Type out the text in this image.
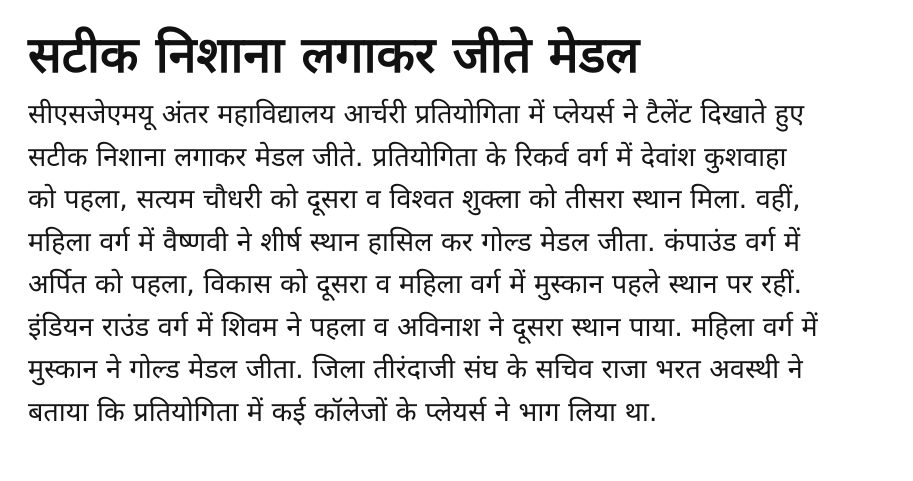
सटीक निशाना लगाकर जीते मेडल
सीएसजेएमयू अंतर महाविद्यालय आर्चरी प्रतियोगिता में प्लेयर्स ने टैलेंट दिखाते हुए
सटीक निशाना लगाकर मेडल जीते. प्रतियोगिता के रिकर्व वर्ग में देवांश कुशवाहा
को पहला, सत्यम चौधरी को दूसरा व विश्वत शुक्ला को तीसरा स्थान मिला. वहीं,
महिला वर्ग में वैष्णवी ने शीर्ष स्थान हासिल कर गोल्ड मेडल जीता. कंपाउंड वर्ग में
अर्पित को पहला, विकास को दूसरा व महिला वर्ग में मुस्कान पहले स्थान पर रहीं.
इंडियन राउंड वर्ग में शिवम ने पहला व अविनाश ने दूसरा स्थान पाया. महिला वर्ग में
मुस्कान ने गोल्ड मेडल जीता. जिला तीरंदाजी संघ के सचिव राजा भरत अवस्थी ने
बताया कि प्रतियोगिता में कई कॉलेजों के प्लेयर्स ने भाग लिया था.
